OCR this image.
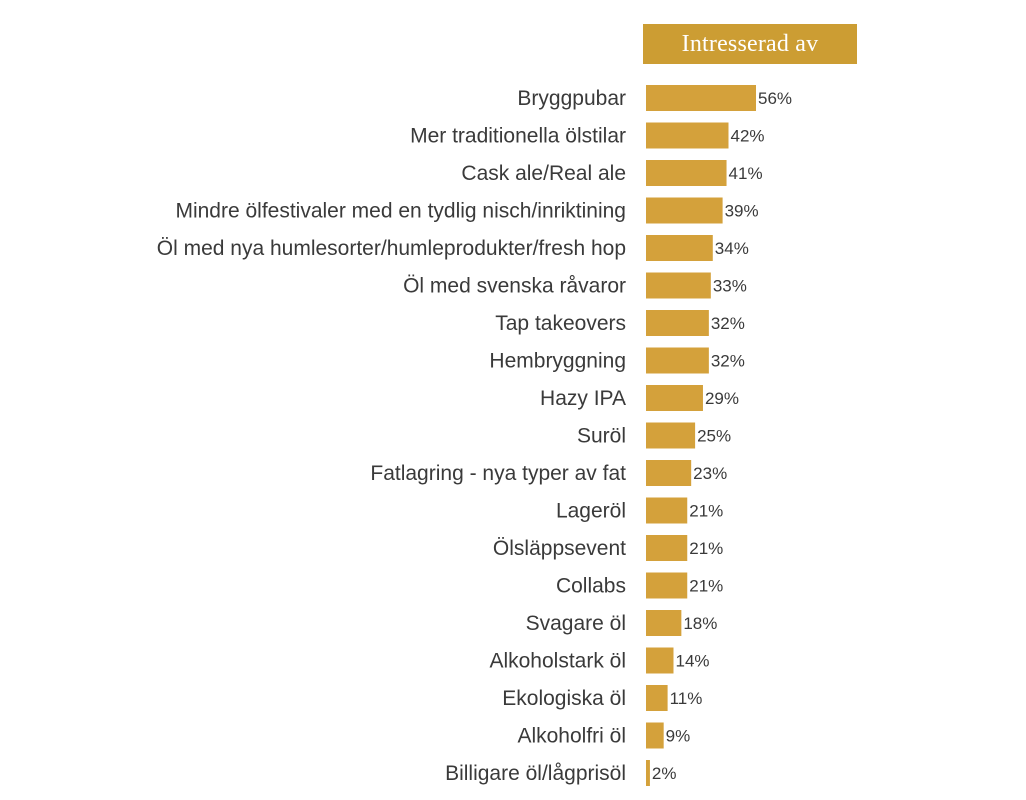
Intresserad av
Bryggpubar
Mer traditionella ölstilar
Cask ale/Real ale
Mindre ölfestivaler med en tydlig nisch/inriktining
Öl med nya humlesorter/humleprodukter/fresh hop
Öl med svenska råvaror
Tap takeovers
Hembryggning
Hazy IPA
Suröl
Fatlagring - nya typer av fat
Lageröl
Ölsläppsevent
Collabs
Svagare öl
Alkoholstark öl
Ekologiska öl
Alkoholfri öl
Billigare öl/lågprisöl
56%
42%
41%
39%
34%
33%
32%
32%
29%
25%
23%
21%
21%
21%
18%
14%
11%
9%
2%
